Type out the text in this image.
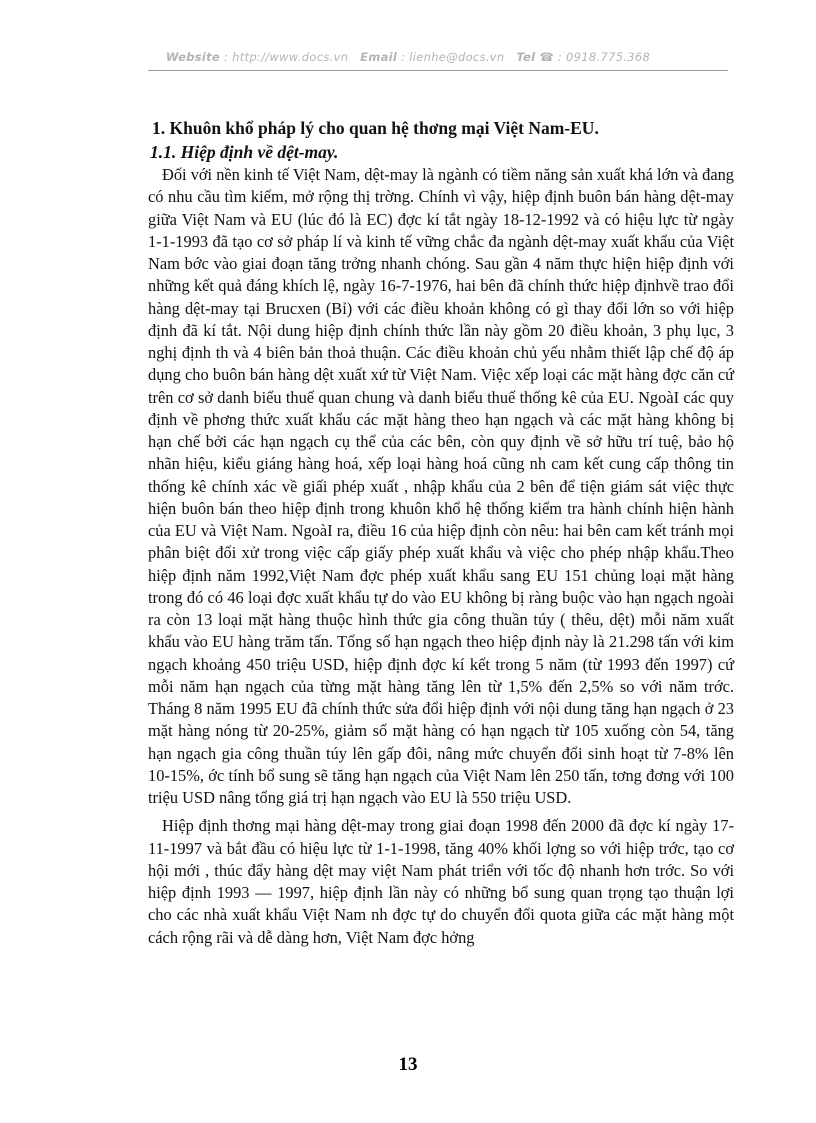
Website : http://www.docs.vn Email : lienhe@docs.vn Tel ☎ : 0918.775.368
1. Khuôn khổ pháp lý cho quan hệ thơng mại Việt Nam-EU.
1.1. Hiệp định về dệt-may.

Đối với nền kinh tế Việt Nam, dệt-may là ngành có tiềm năng sản xuất khá lớn và đang có nhu cầu tìm kiếm, mở rộng thị trờng. Chính vì vậy, hiệp định buôn bán hàng dệt-may giữa Việt Nam và EU (lúc đó là EC) đợc kí tắt ngày 18-12-1992 và có hiệu lực từ ngày 1-1-1993 đã tạo cơ sở pháp lí và kinh tế vững chắc đa ngành dệt-may xuất khẩu của Việt Nam bớc vào giai đoạn tăng trởng nhanh chóng. Sau gần 4 năm thực hiện hiệp định với những kết quả đáng khích lệ, ngày 16-7-1976, hai bên đã chính thức hiệp địnhvề trao đổi hàng dệt-may tại Brucxen (Bỉ) với các điều khoản không có gì thay đổi lớn so với hiệp định đã kí tắt. Nội dung hiệp định chính thức lần này gồm 20 điều khoản, 3 phụ lục, 3 nghị định th và 4 biên bản thoả thuận. Các điều khoản chủ yếu nhằm thiết lập chế độ áp dụng cho buôn bán hàng dệt xuất xứ từ Việt Nam. Việc xếp loại các mặt hàng đợc căn cứ trên cơ sở danh biểu thuế quan chung và danh biểu thuế thống kê của EU. NgoàI các quy định về phơng thức xuất khẩu các mặt hàng theo hạn ngạch và các mặt hàng không bị hạn chế bởi các hạn ngạch cụ thể của các bên, còn quy định về sở hữu trí tuệ, bảo hộ nhãn hiệu, kiểu giáng hàng hoá, xếp loại hàng hoá cũng nh cam kết cung cấp thông tin thống kê chính xác về giấi phép xuất , nhập khẩu của 2 bên để tiện giám sát việc thực hiện buôn bán theo hiệp định trong khuôn khổ hệ thống kiểm tra hành chính hiện hành của EU và Việt Nam. NgoàI ra, điều 16 của hiệp định còn nêu: hai bên cam kết tránh mọi phân biệt đối xử trong việc cấp giấy phép xuất khẩu và việc cho phép nhập khẩu.Theo hiệp định năm 1992,Việt Nam đợc phép xuất khẩu sang EU 151 chủng loại mặt hàng trong đó có 46 loại đợc xuất khẩu tự do vào EU không bị ràng buộc vào hạn ngạch ngoài ra còn 13 loại mặt hàng thuộc hình thức gia công thuần túy ( thêu, dệt) mỗi năm xuất khẩu vào EU hàng trăm tấn. Tổng số hạn ngạch theo hiệp định này là 21.298 tấn với kim ngạch khoảng 450 triệu USD, hiệp định đợc kí kết trong 5 năm (từ 1993 đến 1997) cứ mỗi năm hạn ngạch của từng mặt hàng tăng lên từ 1,5% đến 2,5% so với năm trớc. Tháng 8 năm 1995 EU đã chính thức sửa đổi hiệp định với nội dung tăng hạn ngạch ở 23 mặt hàng nóng từ 20-25%, giảm số mặt hàng có hạn ngạch từ 105 xuống còn 54, tăng hạn ngạch gia công thuần túy lên gấp đôi, nâng mức chuyển đổi sinh hoạt từ 7-8% lên 10-15%, ớc tính bổ sung sẽ tăng hạn ngạch của Việt Nam lên 250 tấn, tơng đơng với 100 triệu USD nâng tổng giá trị hạn ngạch vào EU là 550 triệu USD.

Hiệp định thơng mại hàng dệt-may trong giai đoạn 1998 đến 2000 đã đợc kí ngày 17-11-1997 và bắt đầu có hiệu lực từ 1-1-1998, tăng 40% khối lợng so với hiệp trớc, tạo cơ hội mới , thúc đẩy hàng dệt may việt Nam phát triển với tốc độ nhanh hơn trớc. So với hiệp định 1993 — 1997, hiệp định lần này có những bổ sung quan trọng tạo thuận lợi cho các nhà xuất khẩu Việt Nam nh đợc tự do chuyển đổi quota giữa các mặt hàng một cách rộng rãi và dễ dàng hơn, Việt Nam đợc hởng

13
